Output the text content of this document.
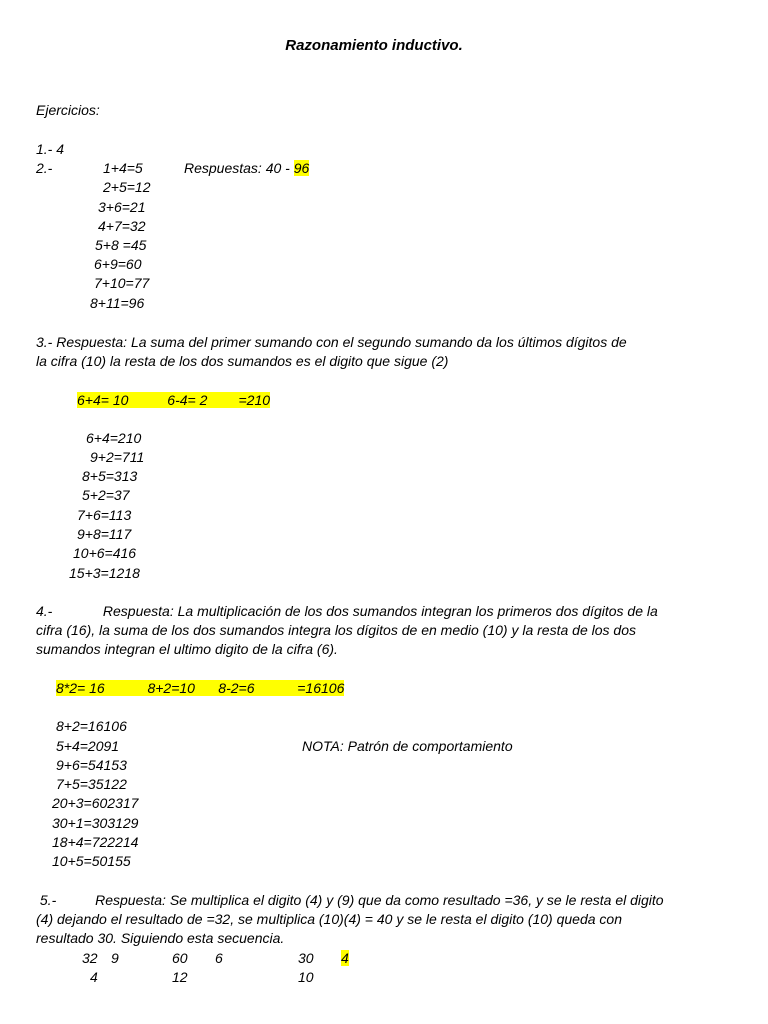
Razonamiento inductivo.
Ejercicios:
1.- 4
2.-	Respuestas: 40 - 96
1+4=5
2+5=12
3+6=21
4+7=32
5+8 =45
6+9=60
7+10=77
8+11=96
3.- Respuesta: La suma del primer sumando con el segundo sumando da los últimos dígitos de
la cifra (10) la resta de los dos sumandos es el digito que sigue (2)
6+4= 10          6-4= 2        =210
6+4=210
9+2=711
8+5=313
5+2=37
7+6=113
9+8=117
10+6=416
15+3=1218
4.-             Respuesta: La multiplicación de los dos sumandos integran los primeros dos dígitos de la
cifra (16), la suma de los dos sumandos integra los dígitos de en medio (10) y la resta de los dos
sumandos integran el ultimo digito de la cifra (6).
8*2= 16           8+2=10      8-2=6           =16106
8+2=16106
5+4=2091	NOTA: Patrón de comportamiento
9+6=54153
7+5=35122
20+3=602317
30+1=303129
18+4=722214
10+5=50155
5.-          Respuesta: Se multiplica el digito (4) y (9) que da como resultado =36, y se le resta el digito
(4) dejando el resultado de =32, se multiplica (10)(4) = 40 y se le resta el digito (10) queda con
resultado 30. Siguiendo esta secuencia.
32 9	60 6	30 4
4	12	10
